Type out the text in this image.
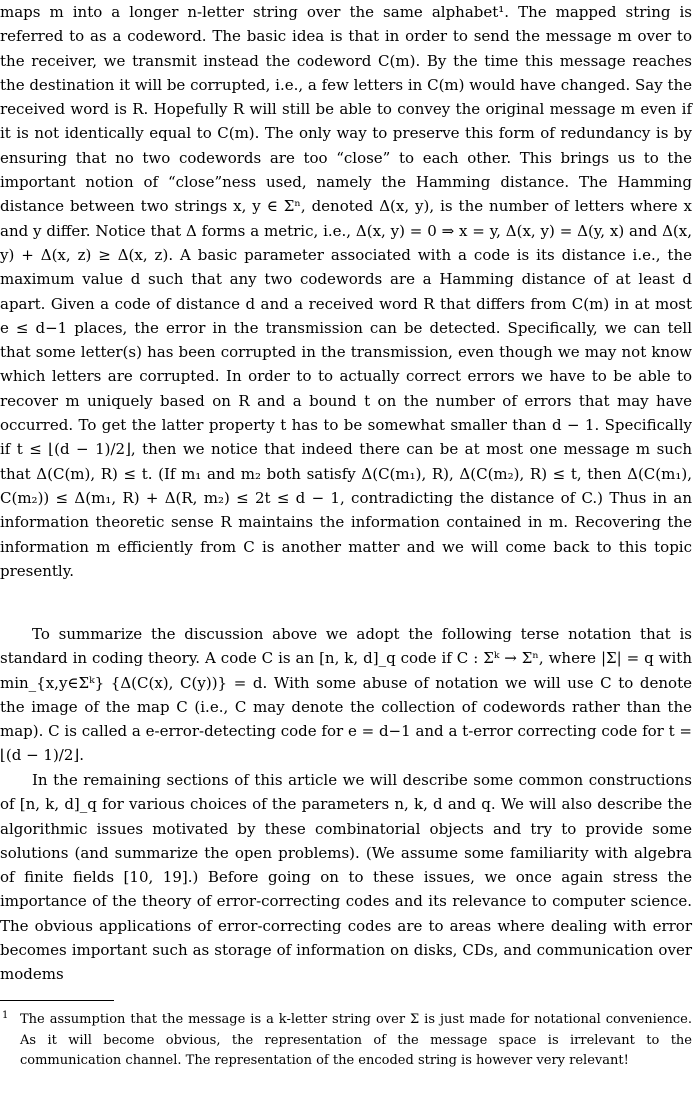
maps m into a longer n-letter string over the same alphabet¹. The mapped string is referred to as a codeword. The basic idea is that in order to send the message m over to the receiver, we transmit instead the codeword C(m). By the time this message reaches the destination it will be corrupted, i.e., a few letters in C(m) would have changed. Say the received word is R. Hopefully R will still be able to convey the original message m even if it is not identically equal to C(m). The only way to preserve this form of redundancy is by ensuring that no two codewords are too “close” to each other. This brings us to the important notion of “close”ness used, namely the Hamming distance. The Hamming distance between two strings x, y ∈ Σⁿ, denoted Δ(x, y), is the number of letters where x and y differ. Notice that Δ forms a metric, i.e., Δ(x, y) = 0 ⇒ x = y, Δ(x, y) = Δ(y, x) and Δ(x, y) + Δ(x, z) ≥ Δ(x, z). A basic parameter associated with a code is its distance i.e., the maximum value d such that any two codewords are a Hamming distance of at least d apart. Given a code of distance d and a received word R that differs from C(m) in at most e ≤ d−1 places, the error in the transmission can be detected. Specifically, we can tell that some letter(s) has been corrupted in the transmission, even though we may not know which letters are corrupted. In order to to actually correct errors we have to be able to recover m uniquely based on R and a bound t on the number of errors that may have occurred. To get the latter property t has to be somewhat smaller than d − 1. Specifically if t ≤ ⌊(d − 1)/2⌋, then we notice that indeed there can be at most one message m such that Δ(C(m), R) ≤ t. (If m₁ and m₂ both satisfy Δ(C(m₁), R), Δ(C(m₂), R) ≤ t, then Δ(C(m₁), C(m₂)) ≤ Δ(m₁, R) + Δ(R, m₂) ≤ 2t ≤ d − 1, contradicting the distance of C.) Thus in an information theoretic sense R maintains the information contained in m. Recovering the information m efficiently from C is another matter and we will come back to this topic presently.

To summarize the discussion above we adopt the following terse notation that is standard in coding theory. A code C is an [n, k, d]_q code if C : Σᵏ → Σⁿ, where |Σ| = q with min_{x,y∈Σᵏ} {Δ(C(x), C(y))} = d. With some abuse of notation we will use C to denote the image of the map C (i.e., C may denote the collection of codewords rather than the map). C is called a e-error-detecting code for e = d−1 and a t-error correcting code for t = ⌊(d − 1)/2⌋.

In the remaining sections of this article we will describe some common constructions of [n, k, d]_q for various choices of the parameters n, k, d and q. We will also describe the algorithmic issues motivated by these combinatorial objects and try to provide some solutions (and summarize the open problems). (We assume some familiarity with algebra of finite fields [10, 19].) Before going on to these issues, we once again stress the importance of the theory of error-correcting codes and its relevance to computer science. The obvious applications of error-correcting codes are to areas where dealing with error becomes important such as storage of information on disks, CDs, and communication over modems

1 The assumption that the message is a k-letter string over Σ is just made for notational convenience. As it will become obvious, the representation of the message space is irrelevant to the communication channel. The representation of the encoded string is however very relevant!
